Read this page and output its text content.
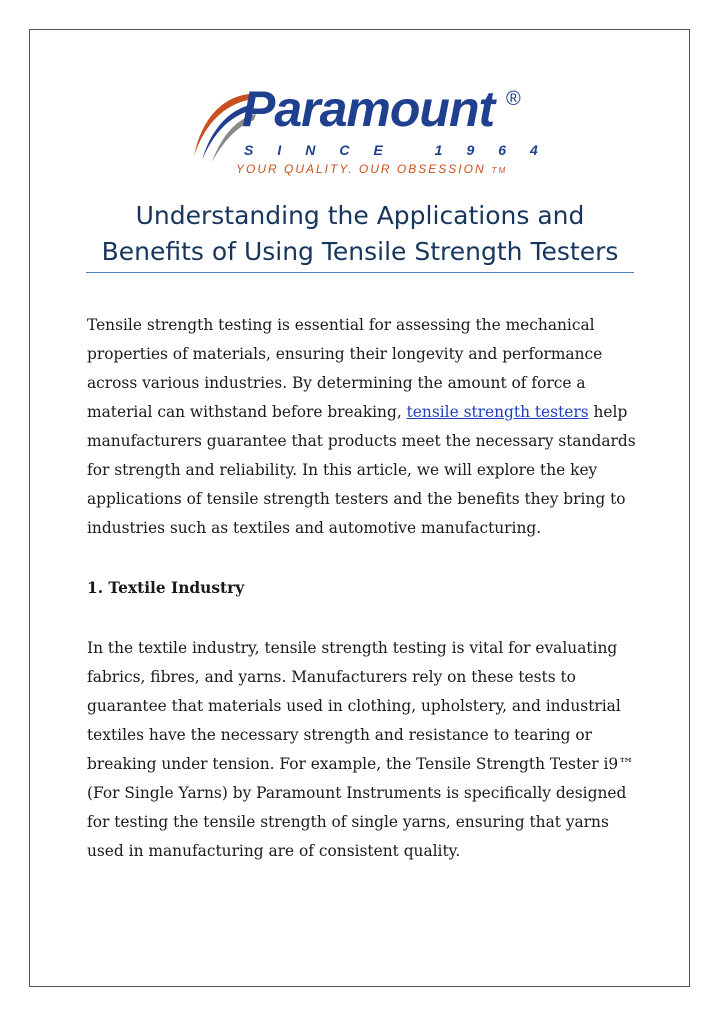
Paramount ®
SINCE 1964
YOUR QUALITY. OUR OBSESSION TM
Understanding the Applications and
Benefits of Using Tensile Strength Testers

Tensile strength testing is essential for assessing the mechanical properties of materials, ensuring their longevity and performance across various industries. By determining the amount of force a material can withstand before breaking, tensile strength testers help manufacturers guarantee that products meet the necessary standards for strength and reliability. In this article, we will explore the key applications of tensile strength testers and the benefits they bring to industries such as textiles and automotive manufacturing.

1. Textile Industry

In the textile industry, tensile strength testing is vital for evaluating fabrics, fibres, and yarns. Manufacturers rely on these tests to guarantee that materials used in clothing, upholstery, and industrial textiles have the necessary strength and resistance to tearing or breaking under tension. For example, the Tensile Strength Tester i9™ (For Single Yarns) by Paramount Instruments is specifically designed for testing the tensile strength of single yarns, ensuring that yarns used in manufacturing are of consistent quality.
